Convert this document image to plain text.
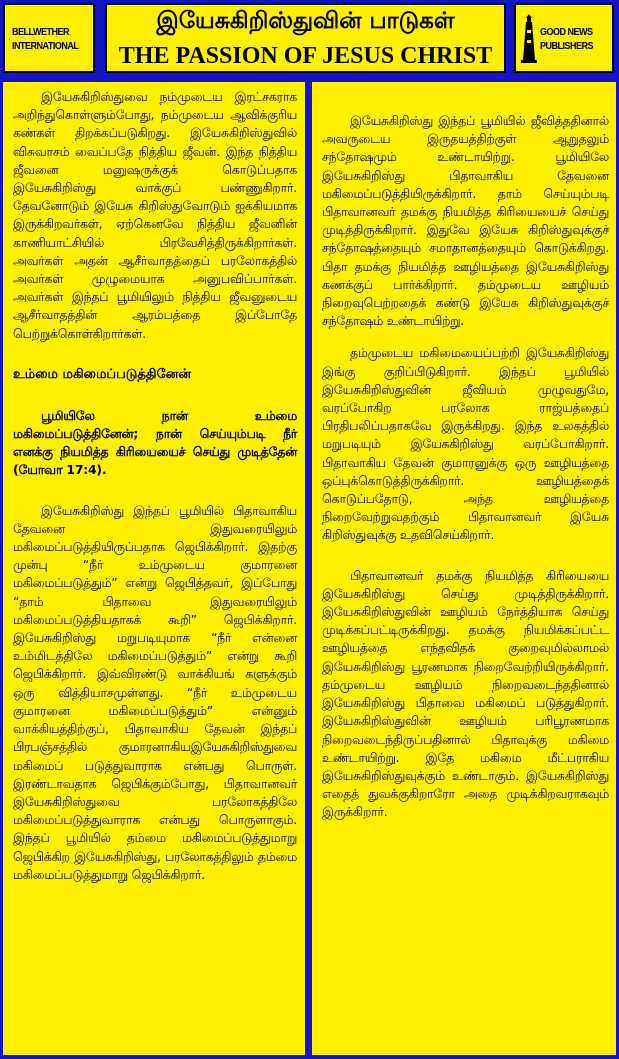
BELLWETHER
INTERNATIONAL
இயேசுகிறிஸ்துவின் பாடுகள்
THE PASSION OF JESUS CHRIST
GOOD NEWS
PUBLISHERS

இயேசுகிறிஸ்துவை நம்முடைய இரட்சகராக அறிந்துகொள்ளும்போது, நம்முடைய ஆவிக்குரிய கண்கள் திறக்கப்படுகிறது. இயேசுகிறிஸ்துவில் விசுவாசம் வைப்பதே நித்திய ஜீவன். இந்த நித்திய ஜீவனை மனுஷருக்குக் கொடுப்பதாக இயேசுகிறிஸ்து வாக்குப் பண்ணுகிறார். தேவனோடும் இயேசு கிறிஸ்துவோடும் ஐக்கியமாக இருக்கிறவர்கள், ஏற்கெனவே நித்திய ஜீவனின் காணியாட்சியில் பிரவேசித்திருக்கிறார்கள். அவர்கள் அதன் ஆசீர்வாதத்தைப் பரலோகத்தில் அவர்கள் முழுமையாக அனுபவிப்பார்கள். அவர்கள் இந்தப் பூமியிலும் நித்திய ஜீவனுடைய ஆசீர்வாதத்தின் ஆரம்பத்தை இப்போதே பெற்றுக்கொள்கிறார்கள்.

உம்மை மகிமைப்படுத்தினேன்

பூமியிலே நான் உம்மை மகிமைப்படுத்தினேன்; நான் செய்யும்படி நீர் எனக்கு நியமித்த கிரியையைச் செய்து முடித்தேன் (யோவா 17:4).

இயேசுகிறிஸ்து இந்தப் பூமியில் பிதாவாகிய தேவனை இதுவரையிலும் மகிமைப்படுத்தியிருப்பதாக ஜெபிக்கிறார். இதற்கு முன்பு “நீர் உம்முடைய குமாரனை மகிமைப்படுத்தும்” என்று ஜெபித்தவர், இப்போது “தாம் பிதாவை இதுவரையிலும் மகிமைப்படுத்தியதாகக் கூறி” ஜெபிக்கிறார். இயேசுகிறிஸ்து மறுபடியுமாக “நீர் என்னை உம்மிடத்திலே மகிமைப்படுத்தும்” என்று கூறி ஜெபிக்கிறார். இவ்விரண்டு வாக்கியங் களுக்கும் ஒரு வித்தியாசமுள்ளது. “நீர் உம்முடைய குமாரனை மகிமைப்படுத்தும்” என்னும் வாக்கியத்திற்குப், பிதாவாகிய தேவன் இந்தப் பிரபஞ்சத்தில் குமாரனாகியஇயேசுகிறிஸ்துவை மகிமைப் படுத்துவாராக என்பது பொருள். இரண்டாவதாக ஜெபிக்கும்போது, பிதாவானவர் இயேசுகிறிஸ்துவை பரலோகத்திலே மகிமைப்படுத்துவாராக என்பது பொருளாகும். இந்தப் பூமியில் தம்மை மகிமைப்படுத்துமாறு ஜெபிக்கிற இயேசுகிறிஸ்து, பரலோகத்திலும் தம்மை மகிமைப்படுத்துமாறு ஜெபிக்கிறார்.

இயேசுகிறிஸ்து இந்தப் பூமியில் ஜீவித்ததினால் அவருடைய இருதயத்திற்குள் ஆறுதலும் சந்தோஷமும் உண்டாயிற்று. பூமியிலே இயேசுகிறிஸ்து பிதாவாகிய தேவனை மகிமைப்படுத்தியிருக்கிறார். தாம் செய்யும்படி பிதாவானவர் தமக்கு நியமித்த கிரியையைச் செய்து முடித்திருக்கிறார். இதுவே இயேசு கிறிஸ்துவுக்குச் சந்தோஷத்தையும் சமாதானத்தையும் கொடுக்கிறது. பிதா தமக்கு நியமித்த ஊழியத்தை இயேசுகிறிஸ்து கணக்குப் பார்க்கிறார். தம்முடைய ஊழியம் நிறைவுபெற்றதைக் கண்டு இயேசு கிறிஸ்துவுக்குச் சந்தோஷம் உண்டாயிற்று.

தம்முடைய மகிமையைப்பற்றி இயேசுகிறிஸ்து இங்கு குறிப்பிடுகிறார். இந்தப் பூமியில் இயேசுகிறிஸ்துவின் ஜீவியம் முழுவதுமே, வரப்போகிற பரலோக ராஜ்யத்தைப் பிரதிபலிப்பதாகவே இருக்கிறது. இந்த உலகத்தில் மறுபடியும் இயேசுகிறிஸ்து வரப்போகிறார். பிதாவாகிய தேவன் குமாரனுக்கு ஒரு ஊழியத்தை ஒப்புக்கொடுத்திருக்கிறார். ஊழியத்தைக் கொடுப்பதோடு, அந்த ஊழியத்தை நிறைவேற்றுவதற்கும் பிதாவானவர் இயேசு கிறிஸ்துவுக்கு உதவிசெய்கிறார்.

பிதாவானவர் தமக்கு நியமித்த கிரியையை இயேசுகிறிஸ்து செய்து முடித்திருக்கிறார். இயேசுகிறிஸ்துவின் ஊழியம் நேர்த்தியாக செய்து முடிக்கப்பட்டிருக்கிறது. தமக்கு நியமிக்கப்பட்ட ஊழியத்தை எந்தவிதக் குறைவுமில்லாமல் இயேசுகிறிஸ்து பூரணமாக நிறைவேற்றியிருக்கிறார். தம்முடைய ஊழியம் நிறைவடைந்ததினால் இயேசுகிறிஸ்து பிதாவை மகிமைப் படுத்துகிறார். இயேசுகிறிஸ்துவின் ஊழியம் பரிபூரணமாக நிறைவடைந்திருப்பதினால் பிதாவுக்கு மகிமை உண்டாயிற்று. இதே மகிமை மீட்பராகிய இயேசுகிறிஸ்துவுக்கும் உண்டாகும். இயேசுகிறிஸ்து எதைத் துவக்குகிறாரோ அதை முடிக்கிறவராகவும் இருக்கிறார்.
